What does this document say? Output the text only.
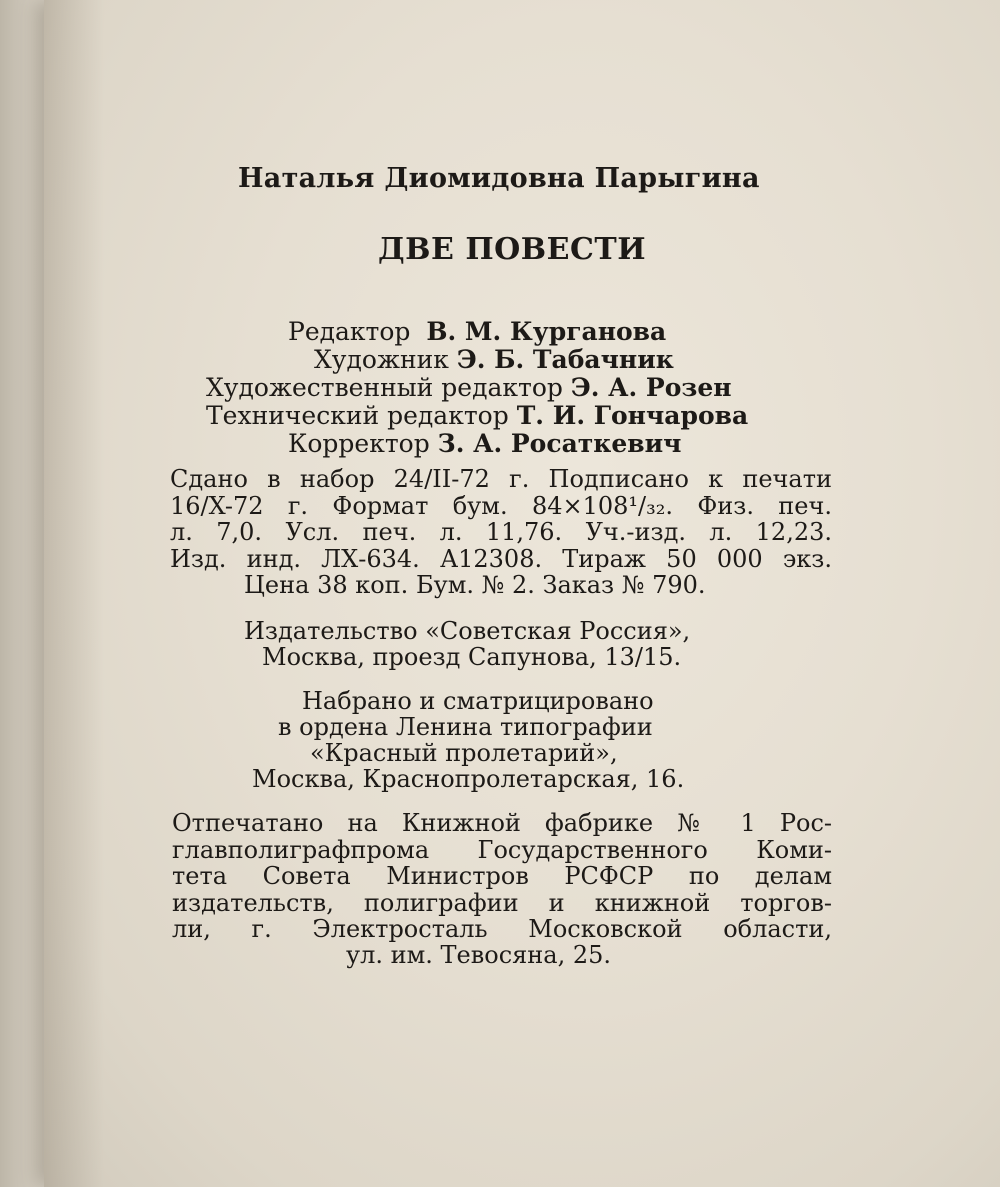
Наталья Диомидовна Парыгина
ДВЕ ПОВЕСТИ
Редактор В. М. Курганова
Художник Э. Б. Табачник
Художественный редактор Э. А. Розен
Технический редактор Т. И. Гончарова
Корректор З. А. Росаткевич
Сдано в набор 24/II-72 г. Подписано к печати
16/X-72 г. Формат бум. 84×108¹/₃₂. Физ. печ.
л. 7,0. Усл. печ. л. 11,76. Уч.-изд. л. 12,23.
Изд. инд. ЛХ-634. А12308. Тираж 50 000 экз.
Цена 38 коп. Бум. № 2. Заказ № 790.
Издательство «Советская Россия»,
Москва, проезд Сапунова, 13/15.
Набрано и сматрицировано
в ордена Ленина типографии
«Красный пролетарий»,
Москва, Краснопролетарская, 16.
Отпечатано на Книжной фабрике № 1 Рос-
главполиграфпрома Государственного Коми-
тета Совета Министров РСФСР по делам
издательств, полиграфии и книжной торгов-
ли, г. Электросталь Московской области,
ул. им. Тевосяна, 25.
